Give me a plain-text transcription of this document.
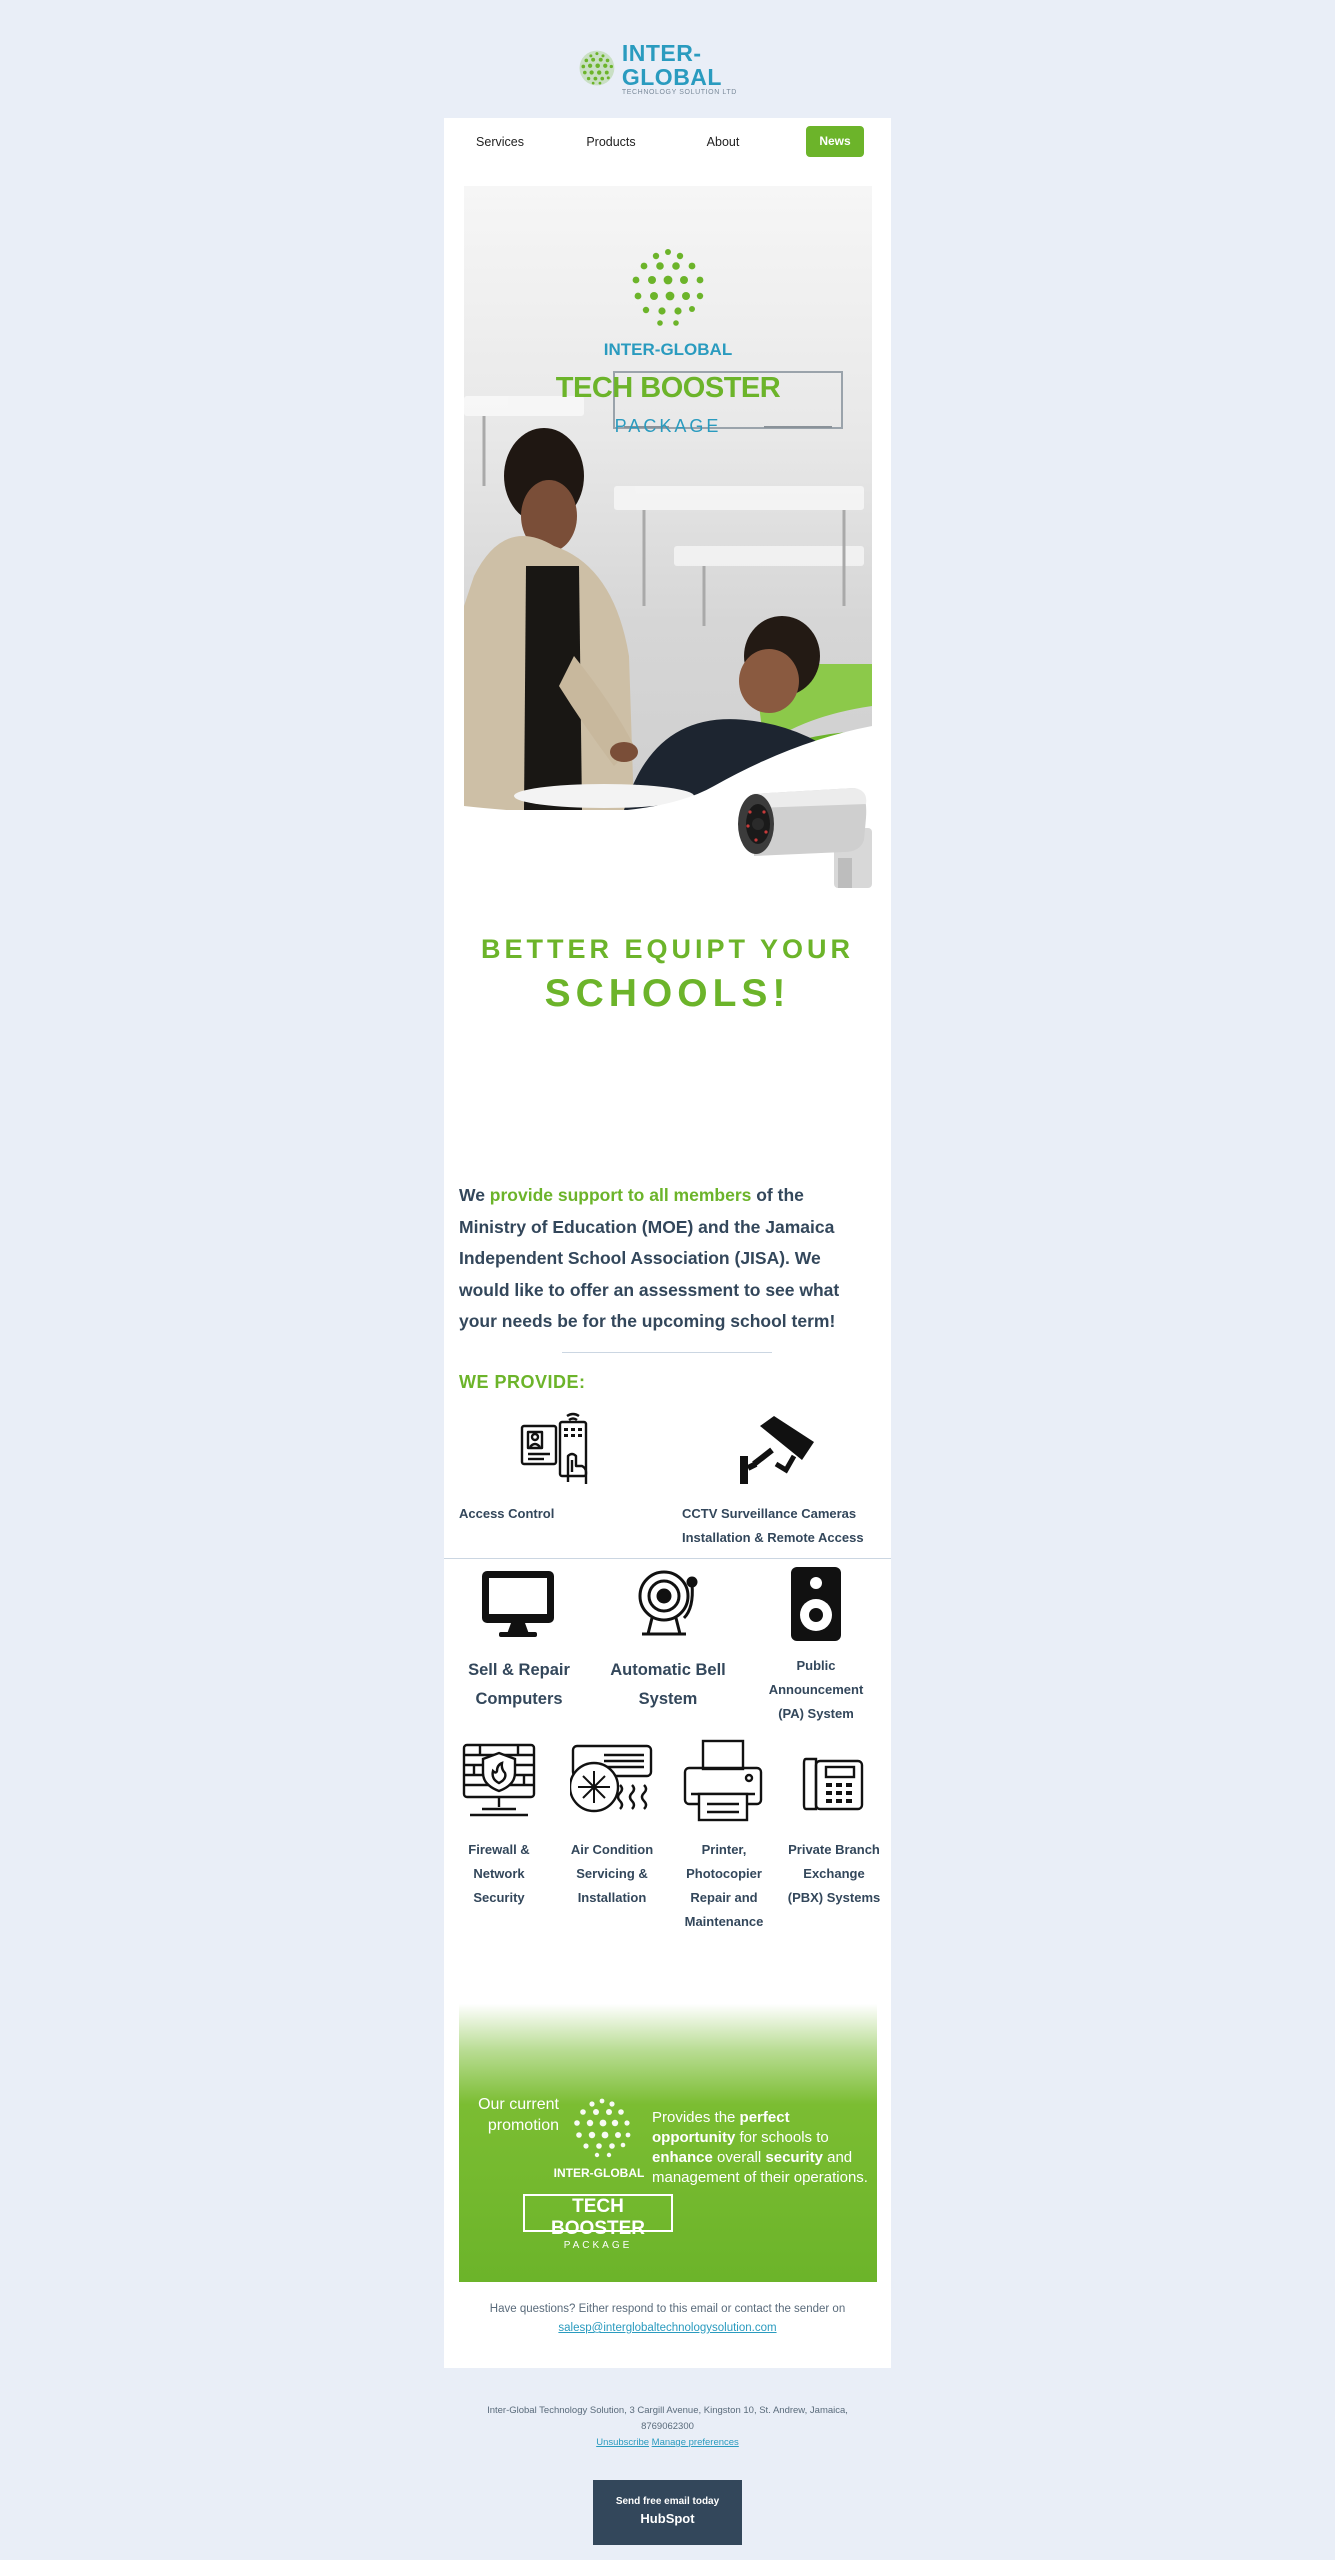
INTER-GLOBAL
TECHNOLOGY SOLUTION LTD
Services	Products	About	News
INTER-GLOBAL
TECH BOOSTER
PACKAGE
BETTER EQUIPT YOUR
SCHOOLS!
We provide support to all members of the Ministry of Education (MOE) and the Jamaica Independent School Association (JISA). We would like to offer an assessment to see what your needs be for the upcoming school term!
WE PROVIDE:
Access Control	CCTV Surveillance Cameras Installation & Remote Access
Sell & Repair Computers
Automatic Bell System
Public Announcement (PA) System
Firewall & Network Security
Air Condition Servicing & Installation
Printer, Photocopier Repair and Maintenance
Private Branch Exchange (PBX) Systems
Our current promotion
INTER-GLOBAL
TECH BOOSTER
PACKAGE
Provides the perfect opportunity for schools to enhance overall security and management of their operations.
Have questions? Either respond to this email or contact the sender on
salesp@interglobaltechnologysolution.com
Inter-Global Technology Solution, 3 Cargill Avenue, Kingston 10, St. Andrew, Jamaica,
8769062300
Unsubscribe Manage preferences
Send free email today
HubSpot
